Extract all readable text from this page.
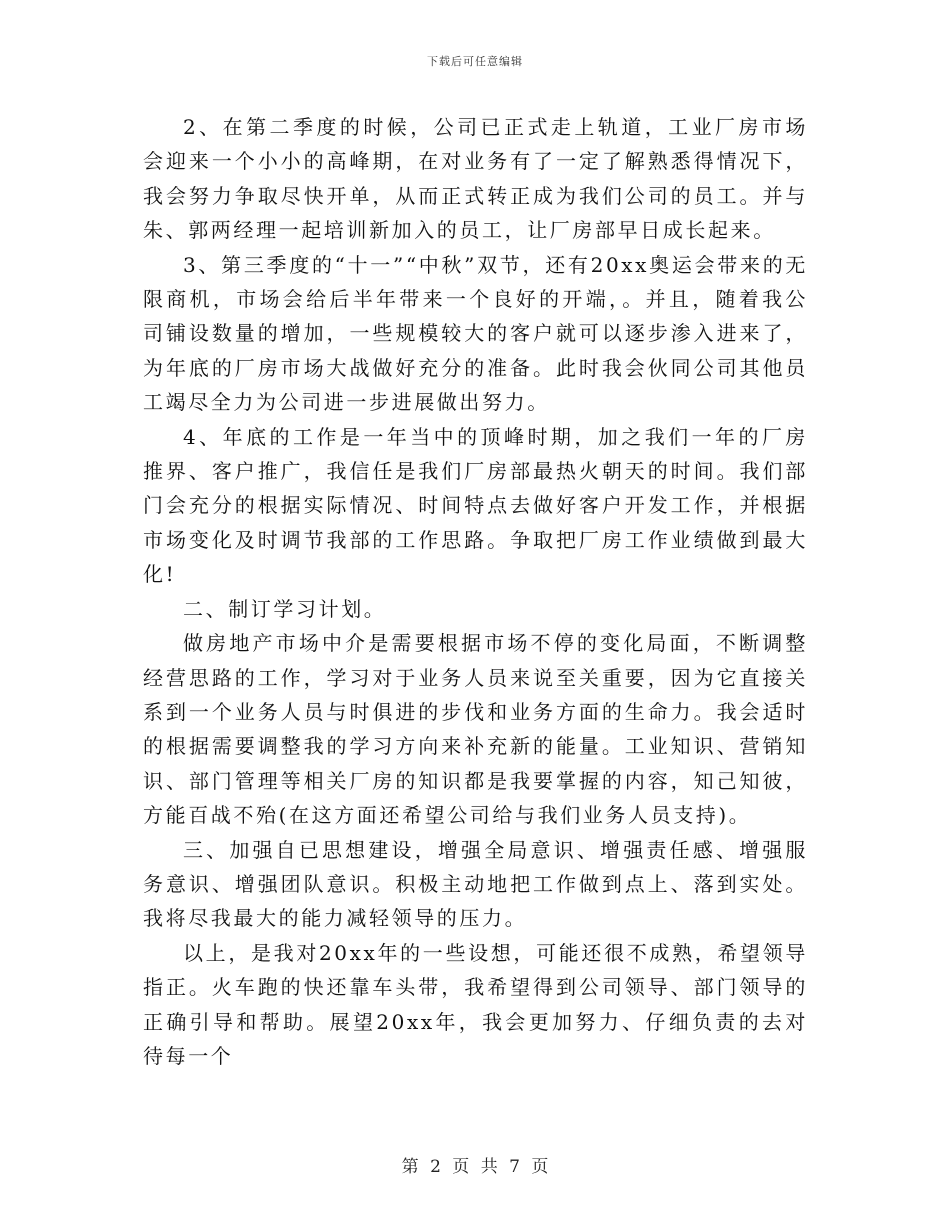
下载后可任意编辑

2、在第二季度的时候，公司已正式走上轨道，工业厂房市场会迎来一个小小的高峰期，在对业务有了一定了解熟悉得情况下，我会努力争取尽快开单，从而正式转正成为我们公司的员工。并与朱、郭两经理一起培训新加入的员工，让厂房部早日成长起来。

3、第三季度的“十一”“中秋”双节，还有20xx奥运会带来的无限商机，市场会给后半年带来一个良好的开端，。并且，随着我公司铺设数量的增加，一些规模较大的客户就可以逐步渗入进来了，为年底的厂房市场大战做好充分的准备。此时我会伙同公司其他员工竭尽全力为公司进一步进展做出努力。

4、年底的工作是一年当中的顶峰时期，加之我们一年的厂房推界、客户推广，我信任是我们厂房部最热火朝天的时间。我们部门会充分的根据实际情况、时间特点去做好客户开发工作，并根据市场变化及时调节我部的工作思路。争取把厂房工作业绩做到最大化!

二、制订学习计划。

做房地产市场中介是需要根据市场不停的变化局面，不断调整经营思路的工作，学习对于业务人员来说至关重要，因为它直接关系到一个业务人员与时俱进的步伐和业务方面的生命力。我会适时的根据需要调整我的学习方向来补充新的能量。工业知识、营销知识、部门管理等相关厂房的知识都是我要掌握的内容，知己知彼，方能百战不殆(在这方面还希望公司给与我们业务人员支持)。

三、加强自已思想建设，增强全局意识、增强责任感、增强服务意识、增强团队意识。积极主动地把工作做到点上、落到实处。我将尽我最大的能力减轻领导的压力。

以上，是我对20xx年的一些设想，可能还很不成熟，希望领导指正。火车跑的快还靠车头带，我希望得到公司领导、部门领导的正确引导和帮助。展望20xx年，我会更加努力、仔细负责的去对待每一个

第 2 页 共 7 页
